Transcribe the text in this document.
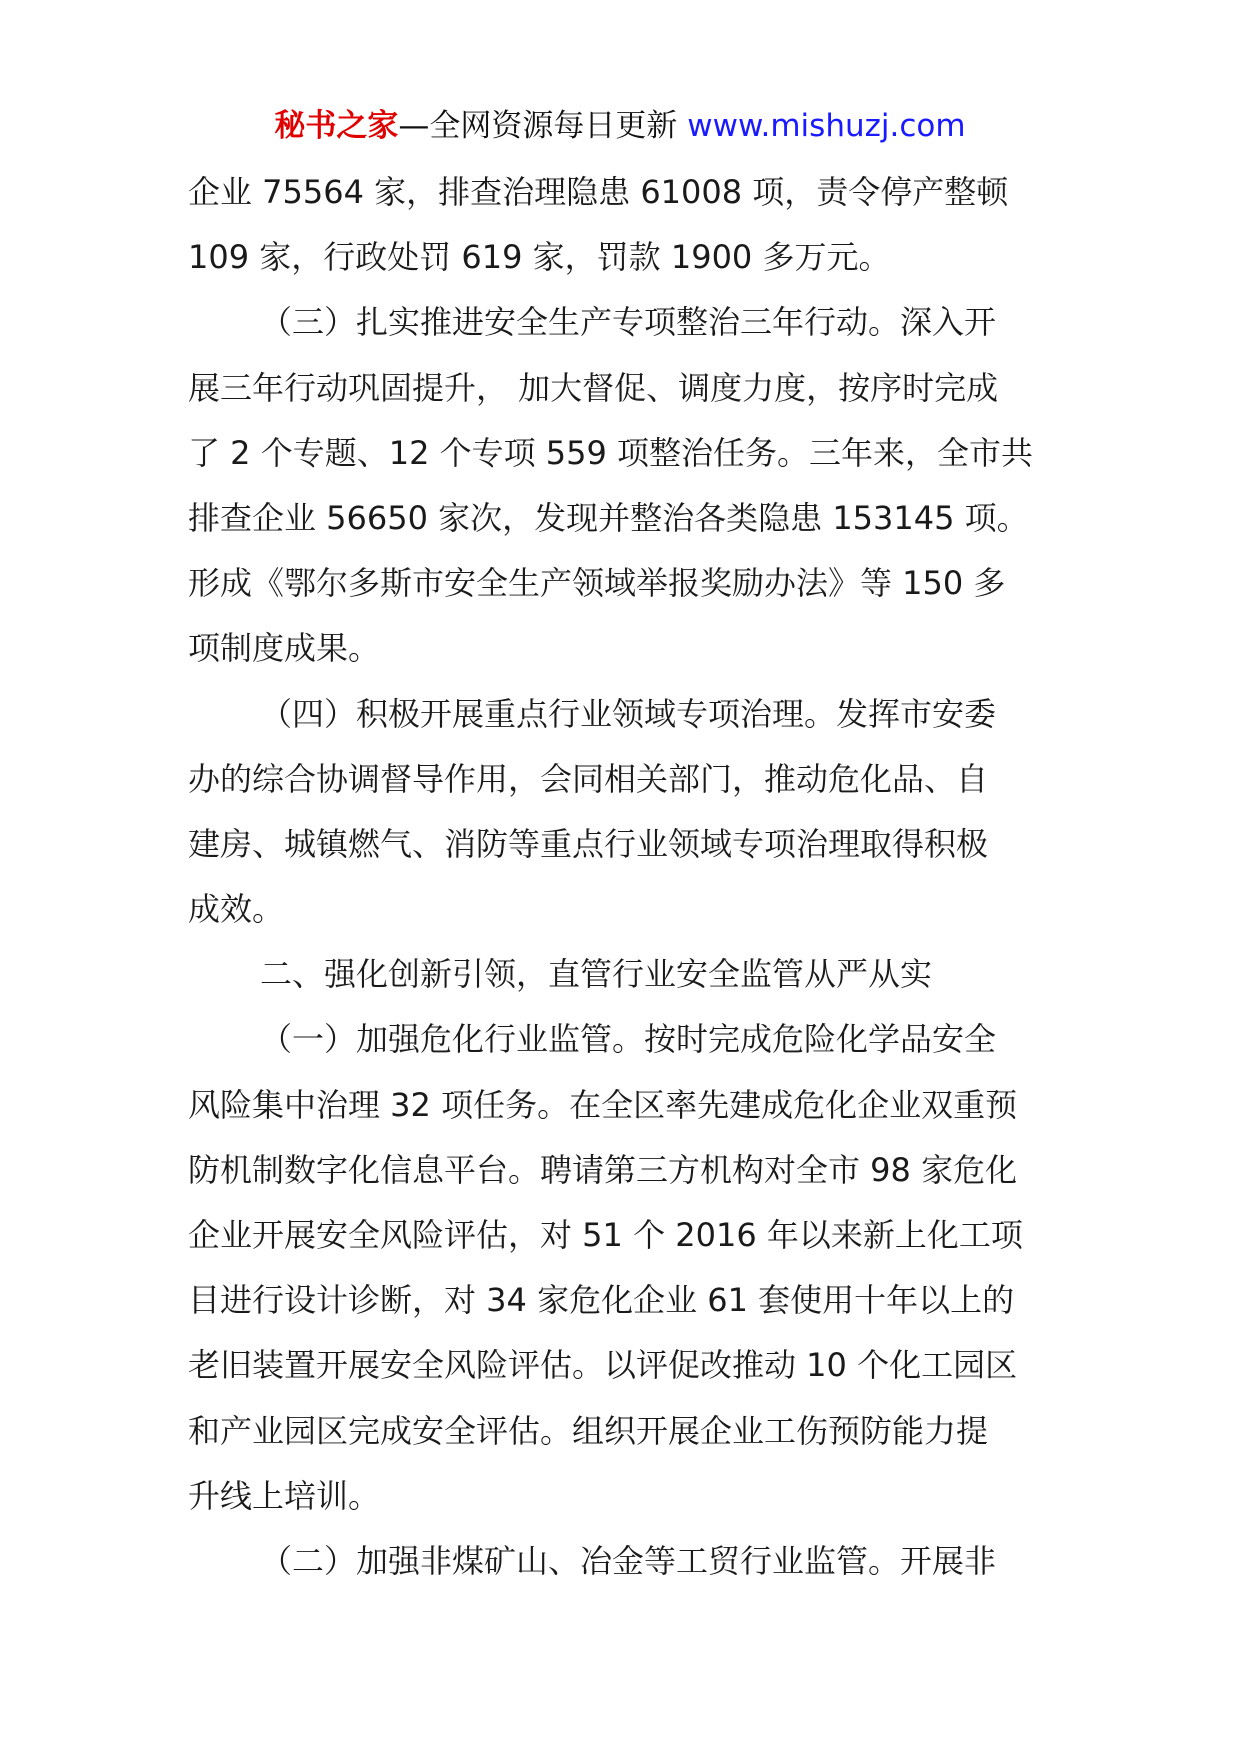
秘书之家—全网资源每日更新 www.mishuzj.com
企业 75564 家，排查治理隐患 61008 项，责令停产整顿
109 家，行政处罚 619 家，罚款 1900 多万元。
（三）扎实推进安全生产专项整治三年行动。深入开
展三年行动巩固提升， 加大督促、调度力度，按序时完成
了 2 个专题、12 个专项 559 项整治任务。三年来，全市共
排查企业 56650 家次，发现并整治各类隐患 153145 项。
形成《鄂尔多斯市安全生产领域举报奖励办法》等 150 多
项制度成果。
（四）积极开展重点行业领域专项治理。发挥市安委
办的综合协调督导作用，会同相关部门，推动危化品、自
建房、城镇燃气、消防等重点行业领域专项治理取得积极
成效。
二、强化创新引领，直管行业安全监管从严从实
（一）加强危化行业监管。按时完成危险化学品安全
风险集中治理 32 项任务。在全区率先建成危化企业双重预
防机制数字化信息平台。聘请第三方机构对全市 98 家危化
企业开展安全风险评估，对 51 个 2016 年以来新上化工项
目进行设计诊断，对 34 家危化企业 61 套使用十年以上的
老旧装置开展安全风险评估。以评促改推动 10 个化工园区
和产业园区完成安全评估。组织开展企业工伤预防能力提
升线上培训。
（二）加强非煤矿山、冶金等工贸行业监管。开展非
